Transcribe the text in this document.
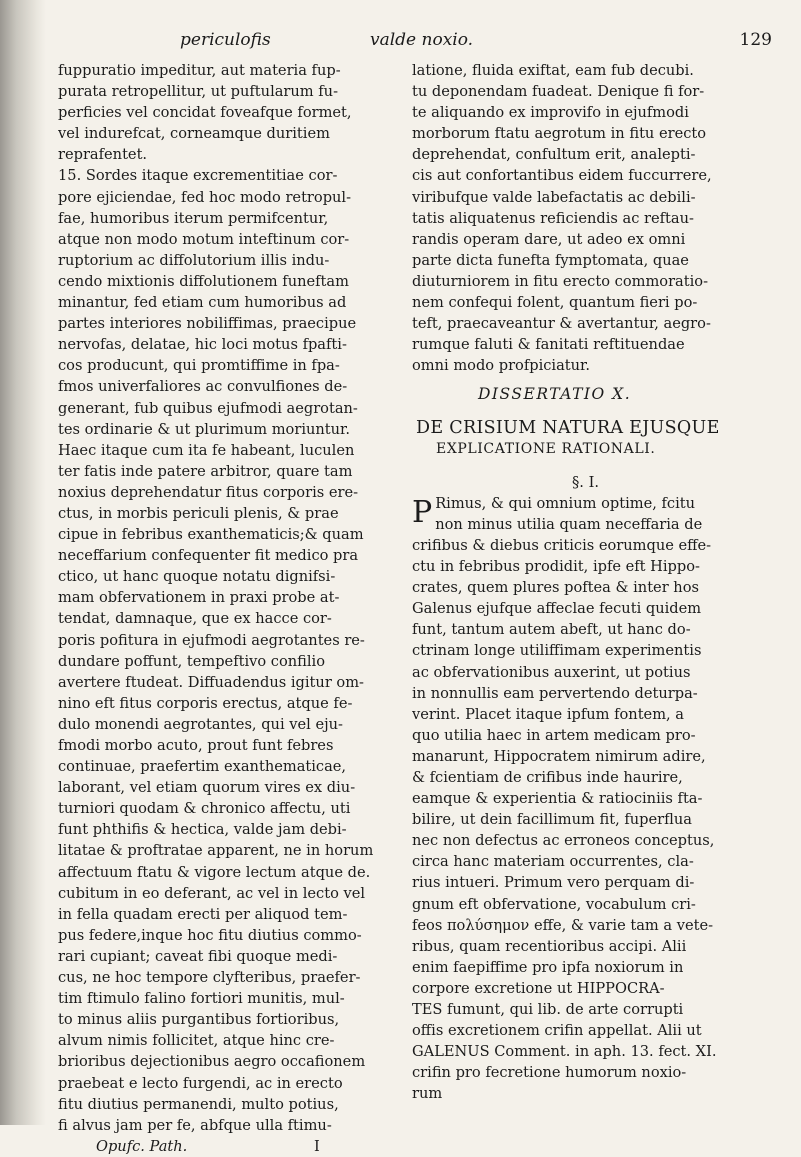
periculofis	valde noxio.	129
fuppuratio impeditur, aut materia fup-
purata retropellitur, ut puftularum fu-
perficies vel concidat foveafque formet,
vel indurefcat, corneamque duritiem
reprafentet.
15. Sordes itaque excrementitiae cor-
pore ejiciendae, fed hoc modo retropul-
fae, humoribus iterum permifcentur,
atque non modo motum inteftinum cor-
ruptorium ac diffolutorium illis indu-
cendo mixtionis diffolutionem funeftam
minantur, fed etiam cum humoribus ad
partes interiores nobiliffimas, praecipue
nervofas, delatae, hic loci motus fpafti-
cos producunt, qui promtiffime in fpa-
fmos univerfaliores ac convulfiones de-
generant, fub quibus ejufmodi aegrotan-
tes ordinarie & ut plurimum moriuntur.
Haec itaque cum ita fe habeant, luculen
ter fatis inde patere arbitror, quare tam
noxius deprehendatur fitus corporis ere-
ctus, in morbis periculi plenis, & prae
cipue in febribus exanthematicis;& quam
neceffarium confequenter fit medico pra
ctico, ut hanc quoque notatu dignifsi-
mam obfervationem in praxi probe at-
tendat, damnaque, que ex hacce cor-
poris pofitura in ejufmodi aegrotantes re-
dundare poffunt, tempeftivo confilio
avertere ftudeat. Diffuadendus igitur om-
nino eft fitus corporis erectus, atque fe-
dulo monendi aegrotantes, qui vel eju-
fmodi morbo acuto, prout funt febres
continuae, praefertim exanthematicae,
laborant, vel etiam quorum vires ex diu-
turniori quodam & chronico affectu, uti
funt phthifis & hectica, valde jam debi-
litatae & proftratae apparent, ne in horum
affectuum ftatu & vigore lectum atque de.
cubitum in eo deferant, ac vel in lecto vel
in fella quadam erecti per aliquod tem-
pus federe,inque hoc fitu diutius commo-
rari cupiant; caveat fibi quoque medi-
cus, ne hoc tempore clyfteribus, praefer-
tim ftimulo falino fortiori munitis, mul-
to minus aliis purgantibus fortioribus,
alvum nimis follicitet, atque hinc cre-
brioribus dejectionibus aegro occafionem
praebeat e lecto furgendi, ac in erecto
fitu diutius permanendi, multo potius,
fi alvus jam per fe, abfque ulla ftimu-
Opufc. Path.	I
latione, fluida exiftat, eam fub decubi.
tu deponendam fuadeat. Denique fi for-
te aliquando ex improvifo in ejufmodi
morborum ftatu aegrotum in fitu erecto
deprehendat, confultum erit, analepti-
cis aut confortantibus eidem fuccurrere,
viribufque valde labefactatis ac debili-
tatis aliquatenus reficiendis ac reftau-
randis operam dare, ut adeo ex omni
parte dicta funefta fymptomata, quae
diuturniorem in fitu erecto commoratio-
nem confequi folent, quantum fieri po-
teft, praecaveantur & avertantur, aegro-
rumque faluti & fanitati reftituendae
omni modo profpiciatur.
DISSERTATIO X.
DE CRISIUM NATURA EJUSQUE
EXPLICATIONE RATIONALI.
§. I.
P Rimus, & qui omnium optime, fcitu
non minus utilia quam neceffaria de
crifibus & diebus criticis eorumque effe-
ctu in febribus prodidit, ipfe eft Hippo-
crates, quem plures poftea & inter hos
Galenus ejufque affeclae fecuti quidem
funt, tantum autem abeft, ut hanc do-
ctrinam longe utiliffimam experimentis
ac obfervationibus auxerint, ut potius
in nonnullis eam pervertendo deturpa-
verint. Placet itaque ipfum fontem, a
quo utilia haec in artem medicam pro-
manarunt, Hippocratem nimirum adire,
& fcientiam de crifibus inde haurire,
eamque & experientia & ratiociniis fta-
bilire, ut dein facillimum fit, fuperflua
nec non defectus ac erroneos conceptus,
circa hanc materiam occurrentes, cla-
rius intueri. Primum vero perquam di-
gnum eft obfervatione, vocabulum cri-
feos πολύσημον effe, & varie tam a vete-
ribus, quam recentioribus accipi. Alii
enim faepiffime pro ipfa noxiorum in
corpore excretione ut HIPPOCRA-
TES fumunt, qui lib. de arte corrupti
offis excretionem crifin appellat. Alii ut
GALENUS Comment. in aph. 13. fect. XI.
crifin pro fecretione humorum noxio-
rum
